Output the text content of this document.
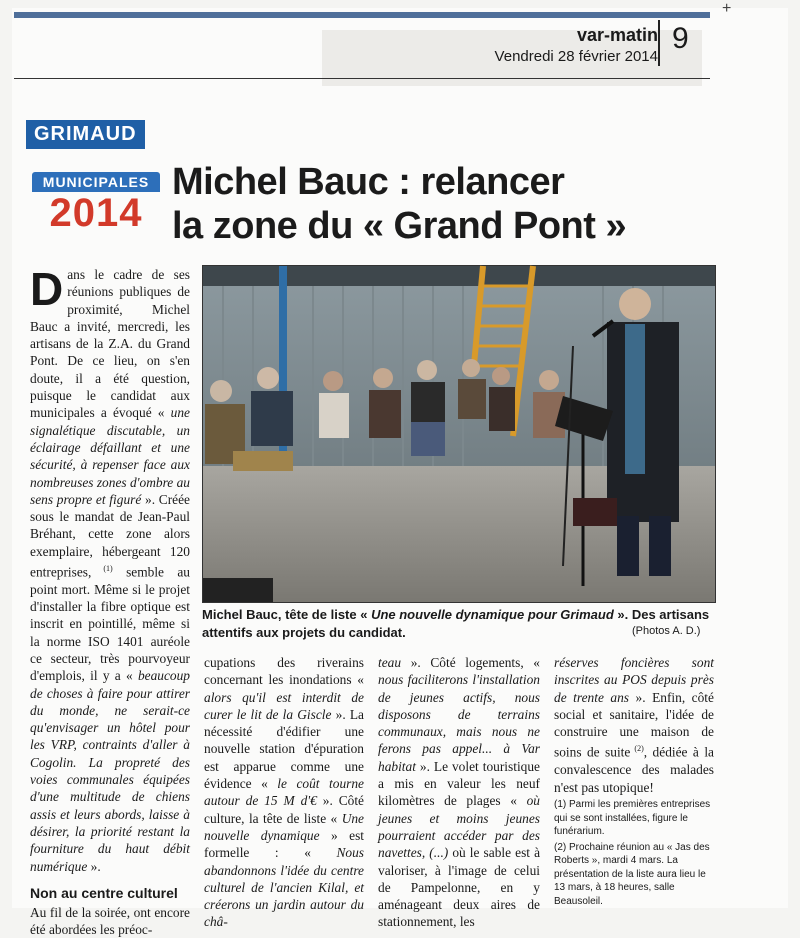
var-matin
Vendredi 28 février 2014
9
GRIMAUD
MUNICIPALES
2014
Michel Bauc : relancer
la zone du « Grand Pont »
Michel Bauc, tête de liste « Une nouvelle dynamique pour Grimaud ». Des artisans attentifs aux projets du candidat.	(Photos A. D.)
D ans le cadre de ses réunions publiques de proximité, Michel Bauc a invité, mercredi, les artisans de la Z.A. du Grand Pont. De ce lieu, on s'en doute, il a été question, puisque le candidat aux municipales a évoqué « une signalétique discutable, un éclairage défaillant et une sécurité, à repenser face aux nombreuses zones d'ombre au sens propre et figuré ». Créée sous le mandat de Jean-Paul Bréhant, cette zone alors exemplaire, hébergeant 120 entreprises, $^{(1)}$ semble au point mort. Même si le projet d'installer la fibre optique est inscrit en pointillé, même si la norme ISO 1401 auréole ce secteur, très pourvoyeur d'emplois, il y a « beaucoup de choses à faire pour attirer du monde, ne serait-ce qu'envisager un hôtel pour les VRP, contraints d'aller à Cogolin. La propreté des voies communales équipées d'une multitude de chiens assis et leurs abords, laisse à désirer, la priorité restant la fourniture du haut débit numérique ».
Non au centre culturel
Au fil de la soirée, ont encore été abordées les préoc-
cupations des riverains concernant les inondations « alors qu'il est interdit de curer le lit de la Giscle ». La nécessité d'édifier une nouvelle station d'épuration est apparue comme une évidence « le coût tourne autour de 15 M d'€ ». Côté culture, la tête de liste « Une nouvelle dynamique » est formelle : « Nous abandonnons l'idée du centre culturel de l'ancien Kilal, et créerons un jardin autour du châ-
teau ». Côté logements, « nous faciliterons l'installation de jeunes actifs, nous disposons de terrains communaux, mais nous ne ferons pas appel... à Var habitat ». Le volet touristique a mis en valeur les neuf kilomètres de plages « où jeunes et moins jeunes pourraient accéder par des navettes, (...) où le sable est à valoriser, à l'image de celui de Pampelonne, en y aménageant deux aires de stationnement, les
réserves foncières sont inscrites au POS depuis près de trente ans ». Enfin, côté social et sanitaire, l'idée de construire une maison de soins de suite $^{(2)}$, dédiée à la convalescence des malades n'est pas utopique!

(1) Parmi les premières entreprises qui se sont installées, figure le funérarium.

(2) Prochaine réunion au « Jas des Roberts », mardi 4 mars. La présentation de la liste aura lieu le 13 mars, à 18 heures, salle Beausoleil.

+
